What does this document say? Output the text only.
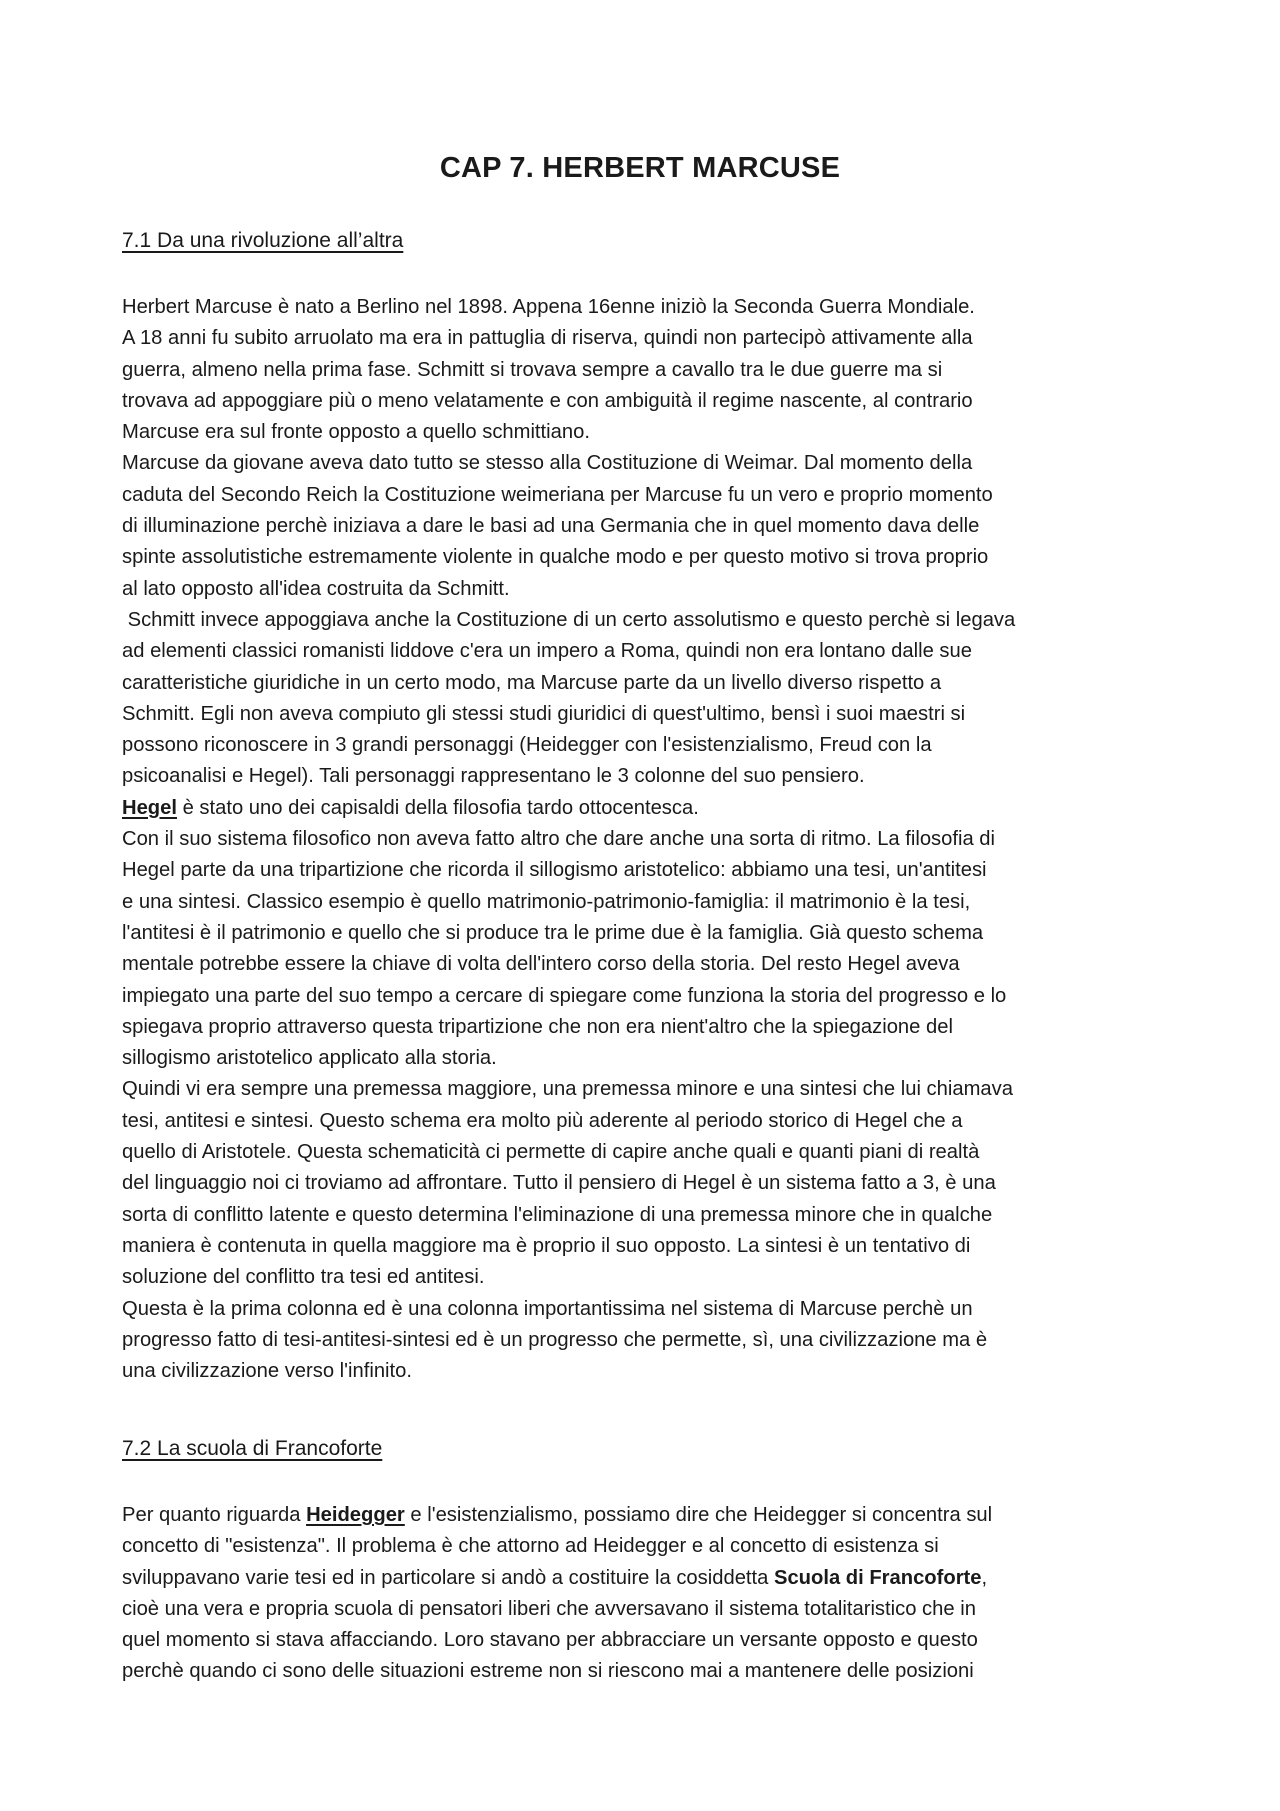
CAP 7. HERBERT MARCUSE
7.1 Da una rivoluzione all’altra

Herbert Marcuse è nato a Berlino nel 1898. Appena 16enne iniziò la Seconda Guerra Mondiale.
A 18 anni fu subito arruolato ma era in pattuglia di riserva, quindi non partecipò attivamente alla
guerra, almeno nella prima fase. Schmitt si trovava sempre a cavallo tra le due guerre ma si
trovava ad appoggiare più o meno velatamente e con ambiguità il regime nascente, al contrario
Marcuse era sul fronte opposto a quello schmittiano.
Marcuse da giovane aveva dato tutto se stesso alla Costituzione di Weimar. Dal momento della
caduta del Secondo Reich la Costituzione weimeriana per Marcuse fu un vero e proprio momento
di illuminazione perchè iniziava a dare le basi ad una Germania che in quel momento dava delle
spinte assolutistiche estremamente violente in qualche modo e per questo motivo si trova proprio
al lato opposto all'idea costruita da Schmitt.
Schmitt invece appoggiava anche la Costituzione di un certo assolutismo e questo perchè si legava
ad elementi classici romanisti liddove c'era un impero a Roma, quindi non era lontano dalle sue
caratteristiche giuridiche in un certo modo, ma Marcuse parte da un livello diverso rispetto a
Schmitt. Egli non aveva compiuto gli stessi studi giuridici di quest'ultimo, bensì i suoi maestri si
possono riconoscere in 3 grandi personaggi (Heidegger con l'esistenzialismo, Freud con la
psicoanalisi e Hegel). Tali personaggi rappresentano le 3 colonne del suo pensiero.
Hegel è stato uno dei capisaldi della filosofia tardo ottocentesca.
Con il suo sistema filosofico non aveva fatto altro che dare anche una sorta di ritmo. La filosofia di
Hegel parte da una tripartizione che ricorda il sillogismo aristotelico: abbiamo una tesi, un'antitesi
e una sintesi. Classico esempio è quello matrimonio-patrimonio-famiglia: il matrimonio è la tesi,
l'antitesi è il patrimonio e quello che si produce tra le prime due è la famiglia. Già questo schema
mentale potrebbe essere la chiave di volta dell'intero corso della storia. Del resto Hegel aveva
impiegato una parte del suo tempo a cercare di spiegare come funziona la storia del progresso e lo
spiegava proprio attraverso questa tripartizione che non era nient'altro che la spiegazione del
sillogismo aristotelico applicato alla storia.
Quindi vi era sempre una premessa maggiore, una premessa minore e una sintesi che lui chiamava
tesi, antitesi e sintesi. Questo schema era molto più aderente al periodo storico di Hegel che a
quello di Aristotele. Questa schematicità ci permette di capire anche quali e quanti piani di realtà
del linguaggio noi ci troviamo ad affrontare. Tutto il pensiero di Hegel è un sistema fatto a 3, è una
sorta di conflitto latente e questo determina l'eliminazione di una premessa minore che in qualche
maniera è contenuta in quella maggiore ma è proprio il suo opposto. La sintesi è un tentativo di
soluzione del conflitto tra tesi ed antitesi.
Questa è la prima colonna ed è una colonna importantissima nel sistema di Marcuse perchè un
progresso fatto di tesi-antitesi-sintesi ed è un progresso che permette, sì, una civilizzazione ma è
una civilizzazione verso l'infinito.

7.2 La scuola di Francoforte

Per quanto riguarda Heidegger e l'esistenzialismo, possiamo dire che Heidegger si concentra sul
concetto di "esistenza". Il problema è che attorno ad Heidegger e al concetto di esistenza si
sviluppavano varie tesi ed in particolare si andò a costituire la cosiddetta Scuola di Francoforte,
cioè una vera e propria scuola di pensatori liberi che avversavano il sistema totalitaristico che in
quel momento si stava affacciando. Loro stavano per abbracciare un versante opposto e questo
perchè quando ci sono delle situazioni estreme non si riescono mai a mantenere delle posizioni
